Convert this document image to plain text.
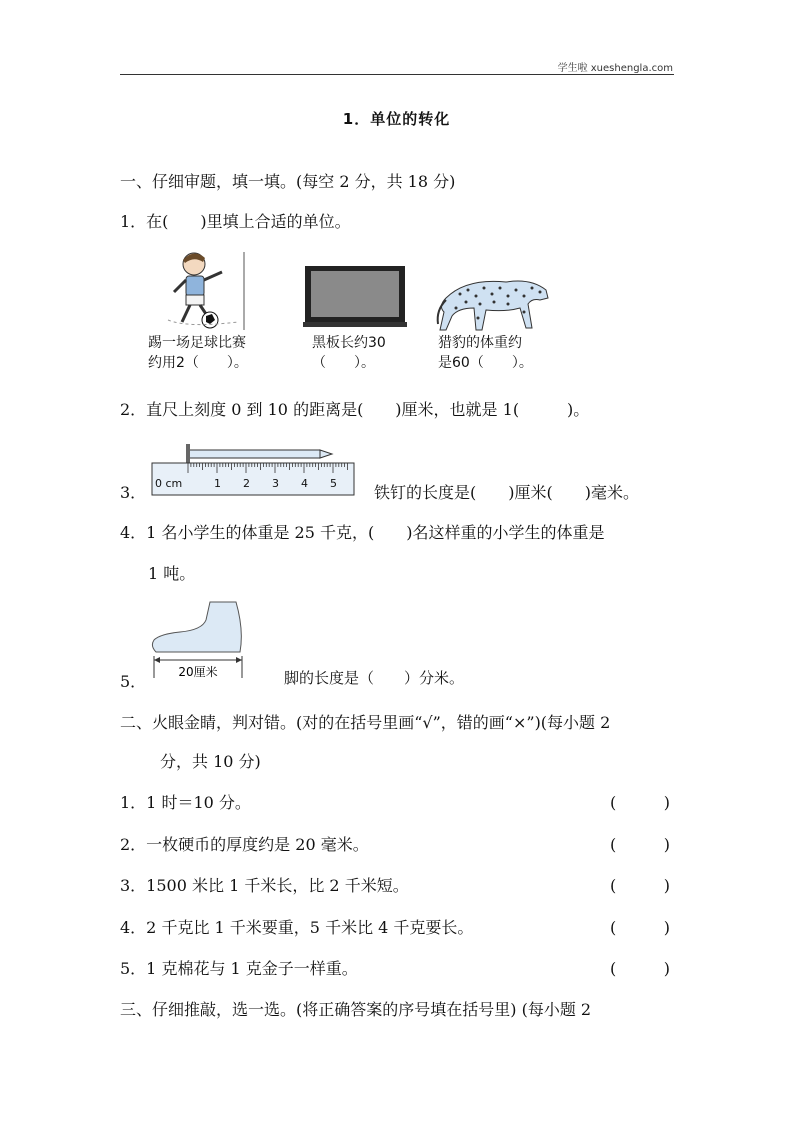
学生啦 xueshengla.com
1．单位的转化
一、仔细审题，填一填。(每空 2 分，共 18 分)
1．在(　　)里填上合适的单位。
踢一场足球比赛
约用2（　　）。
黑板长约30
（　　）。
猎豹的体重约
是60（　　）。
2．直尺上刻度 0 到 10 的距离是(　　)厘米，也就是 1(　　　)。
3． 0 cm	1 2 3 4 5 铁钉的长度是(　　)厘米(　　)毫米。
4．1 名小学生的体重是 25 千克，(　　)名这样重的小学生的体重是
1 吨。
5．	20厘米	脚的长度是（　　）分米。
二、火眼金睛，判对错。(对的在括号里画“√”，错的画“×”)(每小题 2
分，共 10 分)
1．1 时＝10 分。	(	)
2．一枚硬币的厚度约是 20 毫米。	(	)
3．1500 米比 1 千米长，比 2 千米短。	(	)
4．2 千克比 1 千米要重，5 千米比 4 千克要长。	(	)
5．1 克棉花与 1 克金子一样重。	(	)
三、仔细推敲，选一选。(将正确答案的序号填在括号里) (每小题 2
